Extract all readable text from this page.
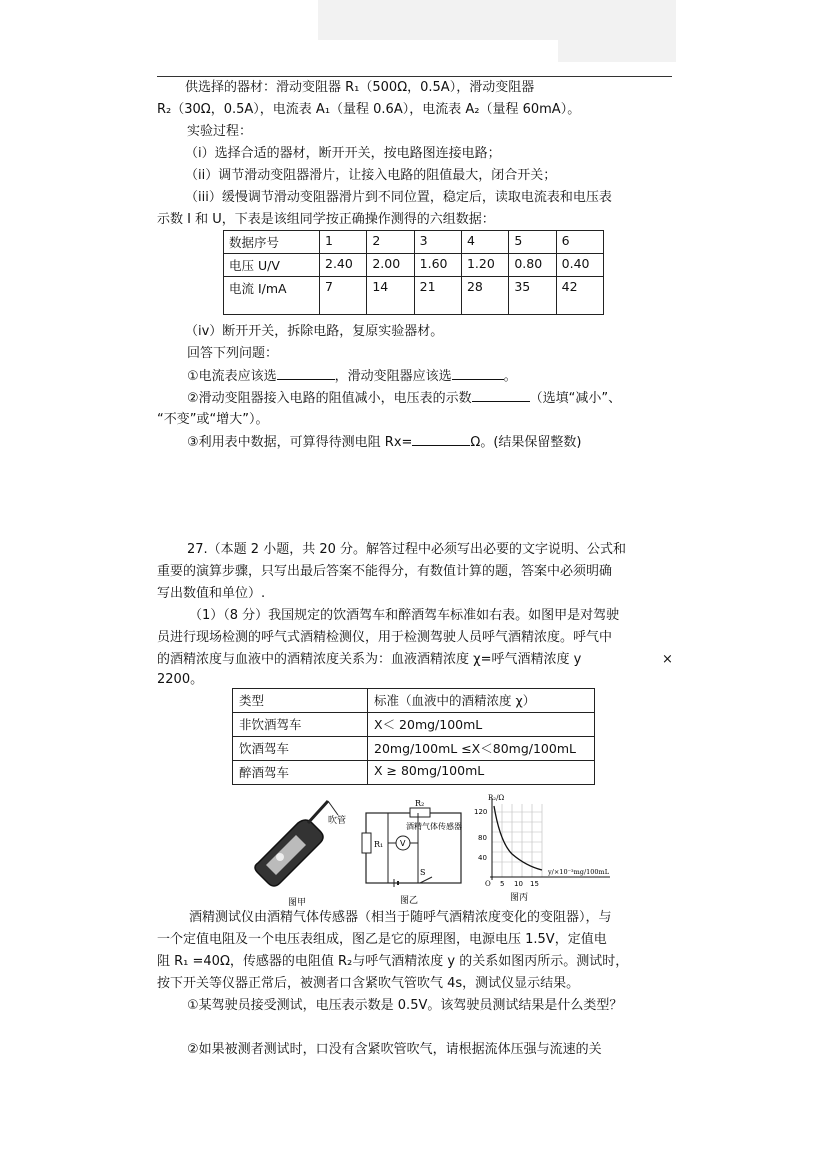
供选择的器材：滑动变阻器 R₁（500Ω，0.5A），滑动变阻器
R₂（30Ω，0.5A），电流表 A₁（量程 0.6A），电流表 A₂（量程 60mA）。
实验过程：
（i）选择合适的器材，断开开关，按电路图连接电路；
（ii）调节滑动变阻器滑片，让接入电路的阻值最大，闭合开关；
（iii）缓慢调节滑动变阻器滑片到不同位置，稳定后，读取电流表和电压表
示数 I 和 U，下表是该组同学按正确操作测得的六组数据：
数据序号	1	2	3	4	5	6
电压 U/V	2.40	2.00	1.60	1.20	0.80	0.40
电流 I/mA	7	14	21	28	35	42
（iv）断开开关，拆除电路，复原实验器材。
回答下列问题：
①电流表应该选	，滑动变阻器应该选	。
②滑动变阻器接入电路的阻值减小，电压表的示数	（选填“减小”、
“不变”或“增大”）。
③利用表中数据，可算得待测电阻 Rx=	Ω。(结果保留整数)
27.（本题 2 小题，共 20 分。解答过程中必须写出必要的文字说明、公式和
重要的演算步骤，只写出最后答案不能得分，有数值计算的题，答案中必须明确
写出数值和单位）.
（1）（8 分）我国规定的饮酒驾车和醉酒驾车标准如右表。如图甲是对驾驶
员进行现场检测的呼气式酒精检测仪，用于检测驾驶人员呼气酒精浓度。呼气中
的酒精浓度与血液中的酒精浓度关系为：血液酒精浓度 χ=呼气酒精浓度 y	×
2200。
类型	标准（血液中的酒精浓度 χ）
非饮酒驾车	X＜ 20mg/100mL
饮酒驾车	20mg/100mL ≤X＜80mg/100mL
醉酒驾车	X ≥ 80mg/100mL
吹管
图甲
R₂
酒精气体传感器
R₁ V
S
图乙
R₂/Ω
120
80
40
O 5 10 15
y/×10⁻³mg/100mL
图丙
酒精测试仪由酒精气体传感器（相当于随呼气酒精浓度变化的变阻器），与
一个定值电阻及一个电压表组成，图乙是它的原理图，电源电压 1.5V，定值电
阻 R₁ =40Ω，传感器的电阻值 R₂与呼气酒精浓度 y 的关系如图丙所示。测试时，
按下开关等仪器正常后，被测者口含紧吹气管吹气 4s，测试仪显示结果。
①某驾驶员接受测试，电压表示数是 0.5V。该驾驶员测试结果是什么类型？
②如果被测者测试时，口没有含紧吹管吹气，请根据流体压强与流速的关
